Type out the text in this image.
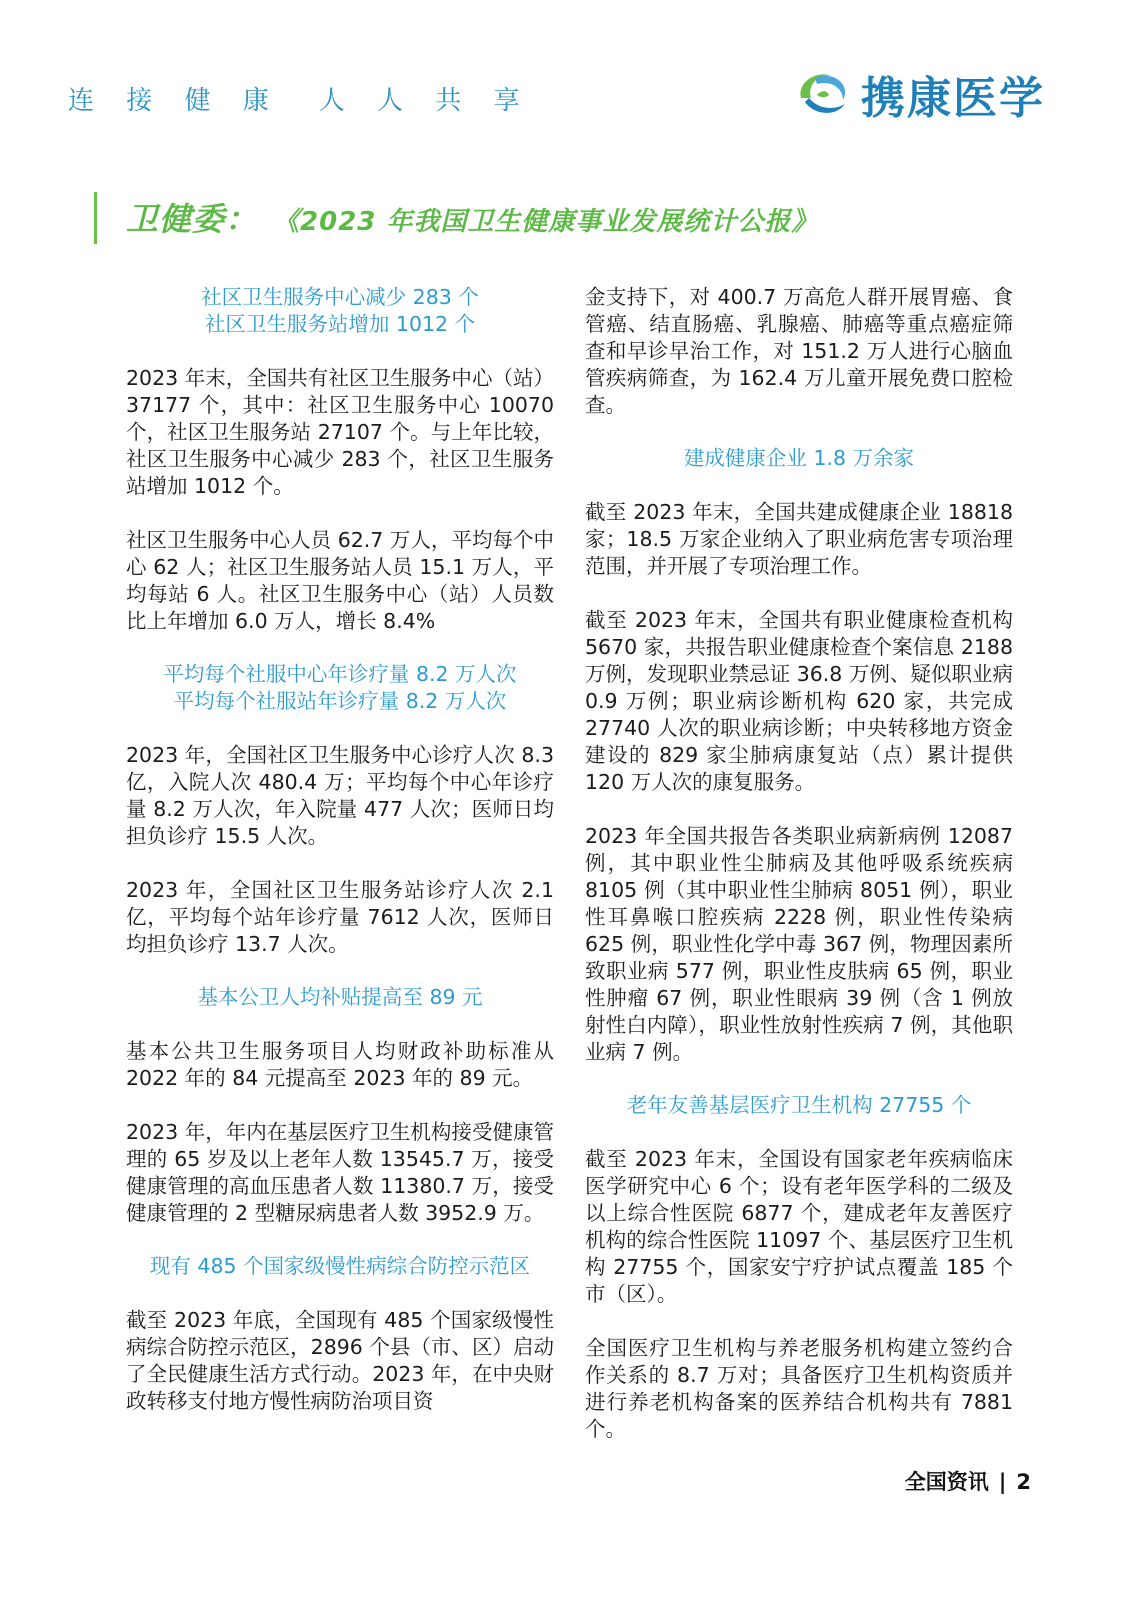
连 接 健 康 人 人 共 享	携康医学
卫健委： 《2023 年我国卫生健康事业发展统计公报》
社区卫生服务中心减少 283 个
社区卫生服务站增加 1012 个
2023 年末，全国共有社区卫生服务中心（站）37177 个，其中：社区卫生服务中心 10070 个，社区卫生服务站 27107 个。与上年比较，社区卫生服务中心减少 283 个，社区卫生服务站增加 1012 个。
社区卫生服务中心人员 62.7 万人，平均每个中心 62 人；社区卫生服务站人员 15.1 万人，平均每站 6 人。社区卫生服务中心（站）人员数比上年增加 6.0 万人，增长 8.4%
平均每个社服中心年诊疗量 8.2 万人次
平均每个社服站年诊疗量 8.2 万人次
2023 年，全国社区卫生服务中心诊疗人次 8.3 亿，入院人次 480.4 万；平均每个中心年诊疗量 8.2 万人次，年入院量 477 人次；医师日均担负诊疗 15.5 人次。
2023 年，全国社区卫生服务站诊疗人次 2.1 亿，平均每个站年诊疗量 7612 人次，医师日均担负诊疗 13.7 人次。
基本公卫人均补贴提高至 89 元
基本公共卫生服务项目人均财政补助标准从 2022 年的 84 元提高至 2023 年的 89 元。
2023 年，年内在基层医疗卫生机构接受健康管理的 65 岁及以上老年人数 13545.7 万，接受健康管理的高血压患者人数 11380.7 万，接受健康管理的 2 型糖尿病患者人数 3952.9 万。
现有 485 个国家级慢性病综合防控示范区
截至 2023 年底，全国现有 485 个国家级慢性病综合防控示范区，2896 个县（市、区）启动了全民健康生活方式行动。2023 年，在中央财政转移支付地方慢性病防治项目资
金支持下，对 400.7 万高危人群开展胃癌、食管癌、结直肠癌、乳腺癌、肺癌等重点癌症筛查和早诊早治工作，对 151.2 万人进行心脑血管疾病筛查，为 162.4 万儿童开展免费口腔检查。
建成健康企业 1.8 万余家
截至 2023 年末，全国共建成健康企业 18818 家；18.5 万家企业纳入了职业病危害专项治理范围，并开展了专项治理工作。
截至 2023 年末，全国共有职业健康检查机构 5670 家，共报告职业健康检查个案信息 2188 万例，发现职业禁忌证 36.8 万例、疑似职业病 0.9 万例；职业病诊断机构 620 家，共完成 27740 人次的职业病诊断；中央转移地方资金建设的 829 家尘肺病康复站（点）累计提供 120 万人次的康复服务。
2023 年全国共报告各类职业病新病例 12087 例，其中职业性尘肺病及其他呼吸系统疾病 8105 例（其中职业性尘肺病 8051 例），职业性耳鼻喉口腔疾病 2228 例，职业性传染病 625 例，职业性化学中毒 367 例，物理因素所致职业病 577 例，职业性皮肤病 65 例，职业性肿瘤 67 例，职业性眼病 39 例（含 1 例放射性白内障），职业性放射性疾病 7 例，其他职业病 7 例。
老年友善基层医疗卫生机构 27755 个
截至 2023 年末，全国设有国家老年疾病临床医学研究中心 6 个；设有老年医学科的二级及以上综合性医院 6877 个，建成老年友善医疗机构的综合性医院 11097 个、基层医疗卫生机构 27755 个，国家安宁疗护试点覆盖 185 个市（区）。
全国医疗卫生机构与养老服务机构建立签约合作关系的 8.7 万对；具备医疗卫生机构资质并进行养老机构备案的医养结合机构共有 7881 个。
全国资讯 | 2
